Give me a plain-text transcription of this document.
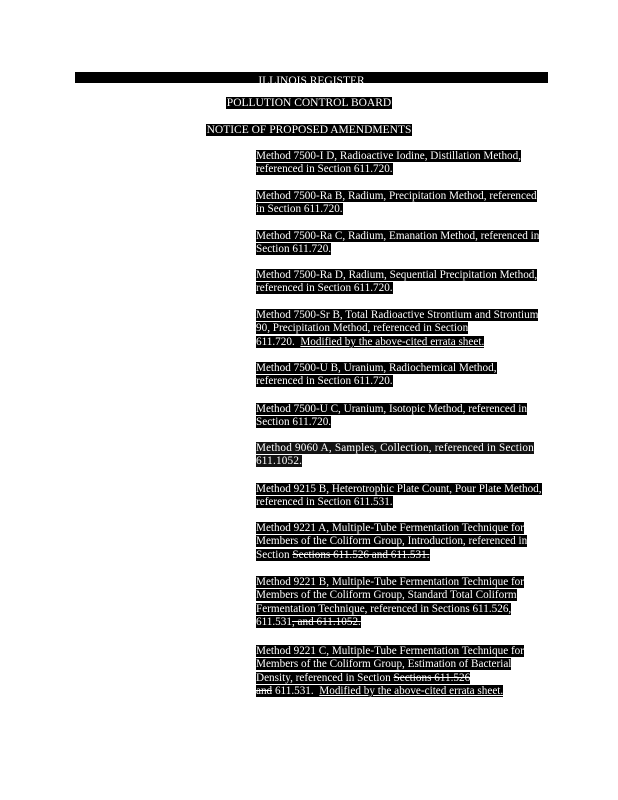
ILLINOIS REGISTER
POLLUTION CONTROL BOARD
NOTICE OF PROPOSED AMENDMENTS
Method 7500-I D, Radioactive Iodine, Distillation Method, referenced in Section 611.720.
Method 7500-Ra B, Radium, Precipitation Method, referenced in Section 611.720.
Method 7500-Ra C, Radium, Emanation Method, referenced in Section 611.720.
Method 7500-Ra D, Radium, Sequential Precipitation Method, referenced in Section 611.720.
Method 7500-Sr B, Total Radioactive Strontium and Strontium 90, Precipitation Method, referenced in Section 611.720. Modified by the above-cited errata sheet.
Method 7500-U B, Uranium, Radiochemical Method, referenced in Section 611.720.
Method 7500-U C, Uranium, Isotopic Method, referenced in Section 611.720.
Method 9060 A, Samples, Collection, referenced in Section 611.1052.
Method 9215 B, Heterotrophic Plate Count, Pour Plate Method, referenced in Section 611.531.
Method 9221 A, Multiple-Tube Fermentation Technique for Members of the Coliform Group, Introduction, referenced in Section Sections 611.526 and 611.531.
Method 9221 B, Multiple-Tube Fermentation Technique for Members of the Coliform Group, Standard Total Coliform Fermentation Technique, referenced in Sections 611.526, 611.531, and 611.1052.
Method 9221 C, Multiple-Tube Fermentation Technique for Members of the Coliform Group, Estimation of Bacterial Density, referenced in Section Sections 611.526 and 611.531. Modified by the above-cited errata sheet.
